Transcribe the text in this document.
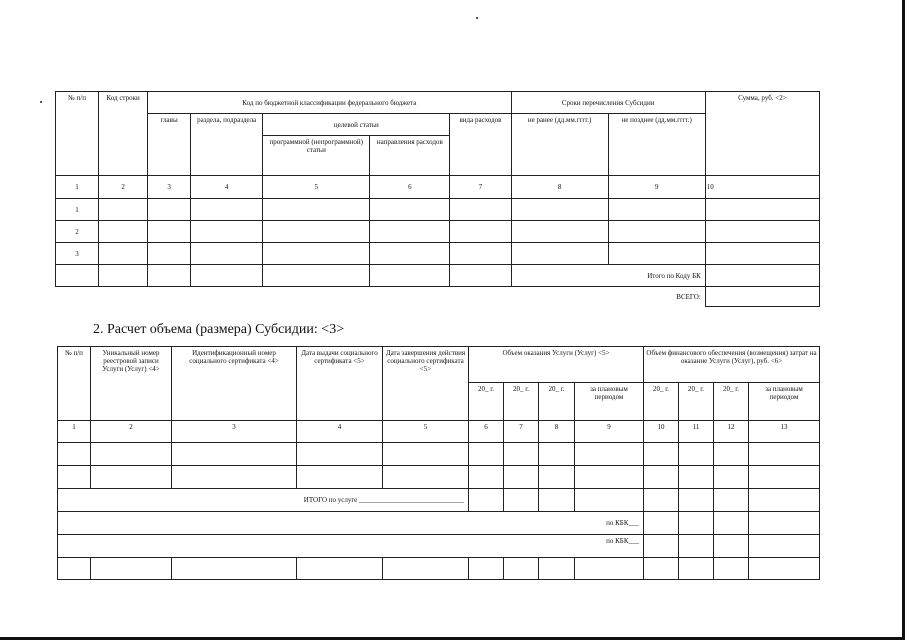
№ п/п	Код строки	Код по бюджетной классификации федерального бюджета					Сроки перечисления Субсидии		Сумма, руб. <2>
		главы	раздела, подраздела	целевой статьи		вида расходов	не ранее (дд.мм.гггг.)	не позднее (дд.мм.гггг.)	
				программной (непрограммной) статьи	направления расходов				
1	2	3	4	5	6	7	8	9	10
1									
2									
3									
							Итого по Коду БК		
								ВСЕГО:	
2. Расчет объема (размера) Субсидии: <3>
№ п/п	Уникальный номер реестровой записи Услуги (Услуг) <4>	Идентификационный номер социального сертификата <4>	Дата выдачи социального сертификата <5>	Дата завершения действия социального сертификата <5>	Объем оказания Услуги (Услуг) <5>				Объем финансового обеспечения (возмещения) затрат на оказание Услуги (Услуг), руб. <6>			
					20_ г.	20_ г.	20_ г.	за плановым периодом	20_ г.	20_ г.	20_ г.	за плановым периодом
1	2	3	4	5	6	7	8	9	10	11	12	13

ИТОГО по услуге ______________________________												
по КБК___												
по КБК___												
